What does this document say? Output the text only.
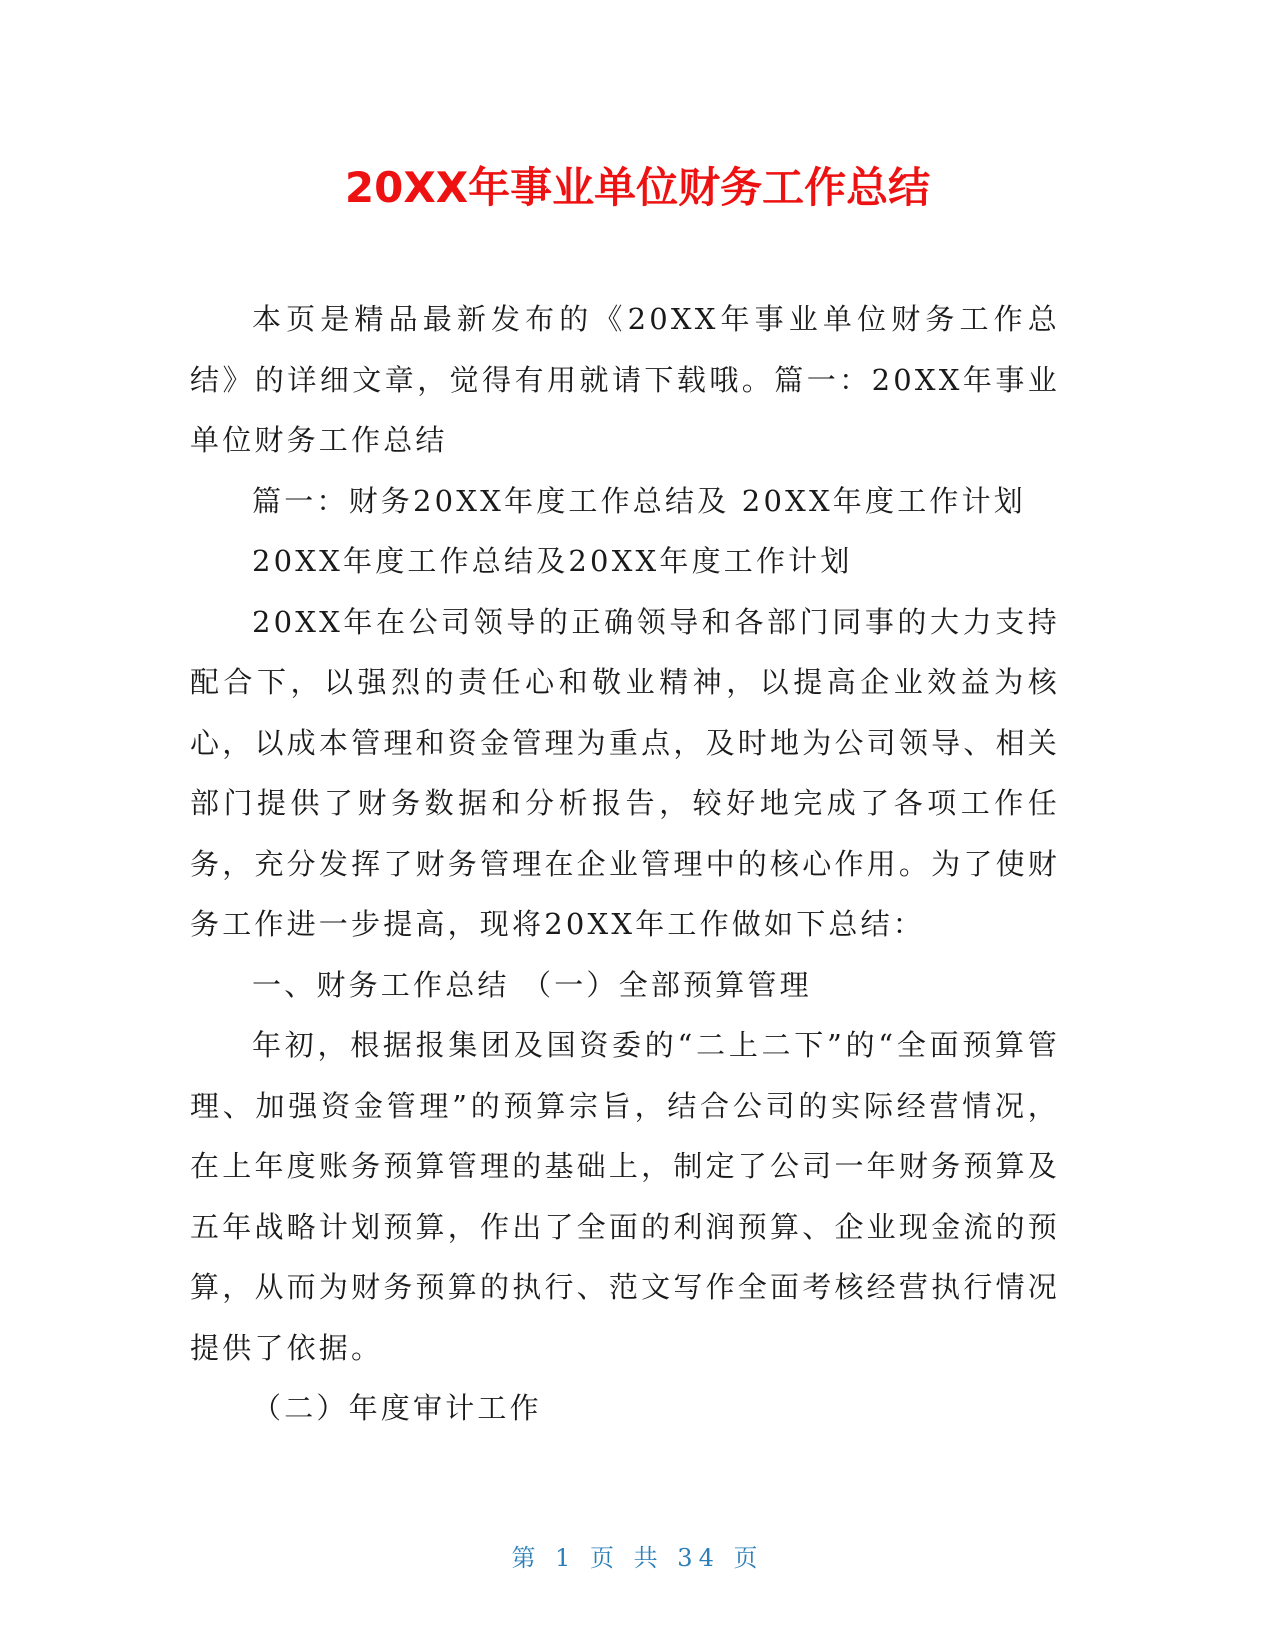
20XX年事业单位财务工作总结

本页是精品最新发布的《20XX年事业单位财务工作总结》的详细文章，觉得有用就请下载哦。篇一：20XX年事业单位财务工作总结

篇一：财务20XX年度工作总结及 20XX年度工作计划

20XX年度工作总结及20XX年度工作计划

20XX年在公司领导的正确领导和各部门同事的大力支持配合下，以强烈的责任心和敬业精神，以提高企业效益为核心，以成本管理和资金管理为重点，及时地为公司领导、相关部门提供了财务数据和分析报告，较好地完成了各项工作任务，充分发挥了财务管理在企业管理中的核心作用。为了使财务工作进一步提高，现将20XX年工作做如下总结：

一、财务工作总结 （一）全部预算管理

年初，根据报集团及国资委的“二上二下”的“全面预算管理、加强资金管理”的预算宗旨，结合公司的实际经营情况，在上年度账务预算管理的基础上，制定了公司一年财务预算及五年战略计划预算，作出了全面的利润预算、企业现金流的预算，从而为财务预算的执行、范文写作全面考核经营执行情况提供了依据。

（二）年度审计工作

第 1 页 共 34 页
